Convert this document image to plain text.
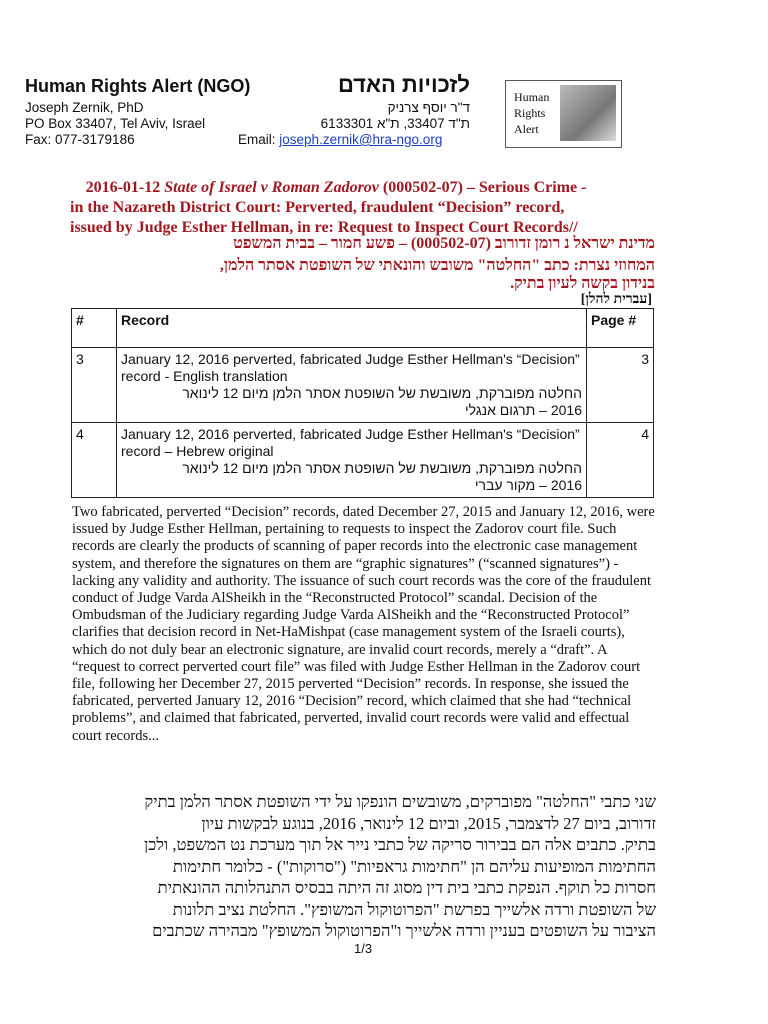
Human Rights Alert (NGO)	לזכויות האדם
Joseph Zernik, PhD
PO Box 33407, Tel Aviv, Israel
Fax: 077-3179186
ד"ר יוסף צרניק
ת"ד 33407, ת"א 6133301
Email: joseph.zernik@hra-ngo.org
Human
Rights
Alert
2016-01-12 State of Israel v Roman Zadorov (000502-07) – Serious Crime -
in the Nazareth District Court: Perverted, fraudulent “Decision” record,
issued by Judge Esther Hellman, in re: Request to Inspect Court Records//
מדינת ישראל נ רומן זדורוב (000502-07) – פשע חמור – בבית המשפט
המחוזי נצרת: כתב "החלטה" משובש והונאתי של השופטת אסתר הלמן,
בנידון בקשה לעיון בתיק.
[עברית להלן]
#	Record	Page #
3	January 12, 2016 perverted, fabricated Judge Esther Hellman's “Decision” record - English translation
החלטה מפוברקת, משובשת של השופטת אסתר הלמן מיום 12 לינואר
2016 – תרגום אנגלי	3
4	January 12, 2016 perverted, fabricated Judge Esther Hellman's “Decision” record – Hebrew original
החלטה מפוברקת, משובשת של השופטת אסתר הלמן מיום 12 לינואר
2016 – מקור עברי	4
Two fabricated, perverted “Decision” records, dated December 27, 2015 and January 12, 2016, were issued by Judge Esther Hellman, pertaining to requests to inspect the Zadorov court file. Such records are clearly the products of scanning of paper records into the electronic case management system, and therefore the signatures on them are “graphic signatures” (“scanned signatures”) - lacking any validity and authority. The issuance of such court records was the core of the fraudulent conduct of Judge Varda AlSheikh in the “Reconstructed Protocol” scandal. Decision of the Ombudsman of the Judiciary regarding Judge Varda AlSheikh and the “Reconstructed Protocol” clarifies that decision record in Net-HaMishpat (case management system of the Israeli courts), which do not duly bear an electronic signature, are invalid court records, merely a “draft”. A “request to correct perverted court file” was filed with Judge Esther Hellman in the Zadorov court file, following her December 27, 2015 perverted “Decision” records. In response, she issued the fabricated, perverted January 12, 2016 “Decision” record, which claimed that she had “technical problems”, and claimed that fabricated, perverted, invalid court records were valid and effectual court records...
שני כתבי "החלטה" מפוברקים, משובשים הונפקו על ידי השופטת אסתר הלמן בתיק
זדורוב, ביום 27 לדצמבר, 2015, וביום 12 לינואר, 2016, בנוגע לבקשות עיון
בתיק. כתבים אלה הם בבירור סריקה של כתבי נייר אל תוך מערכת נט המשפט, ולכן
החתימות המופיעות עליהם הן "חתימות גראפיות" ("סרוקות") - כלומר חתימות
חסרות כל תוקף. הנפקת כתבי בית דין מסוג זה היתה בבסיס התנהלותה ההונאתית
של השופטת ורדה אלשייך בפרשת "הפרוטוקול המשופץ". החלטת נציב תלונות
הציבור על השופטים בעניין ורדה אלשייך ו"הפרוטוקול המשופץ" מבהירה שכתבים
1/3
